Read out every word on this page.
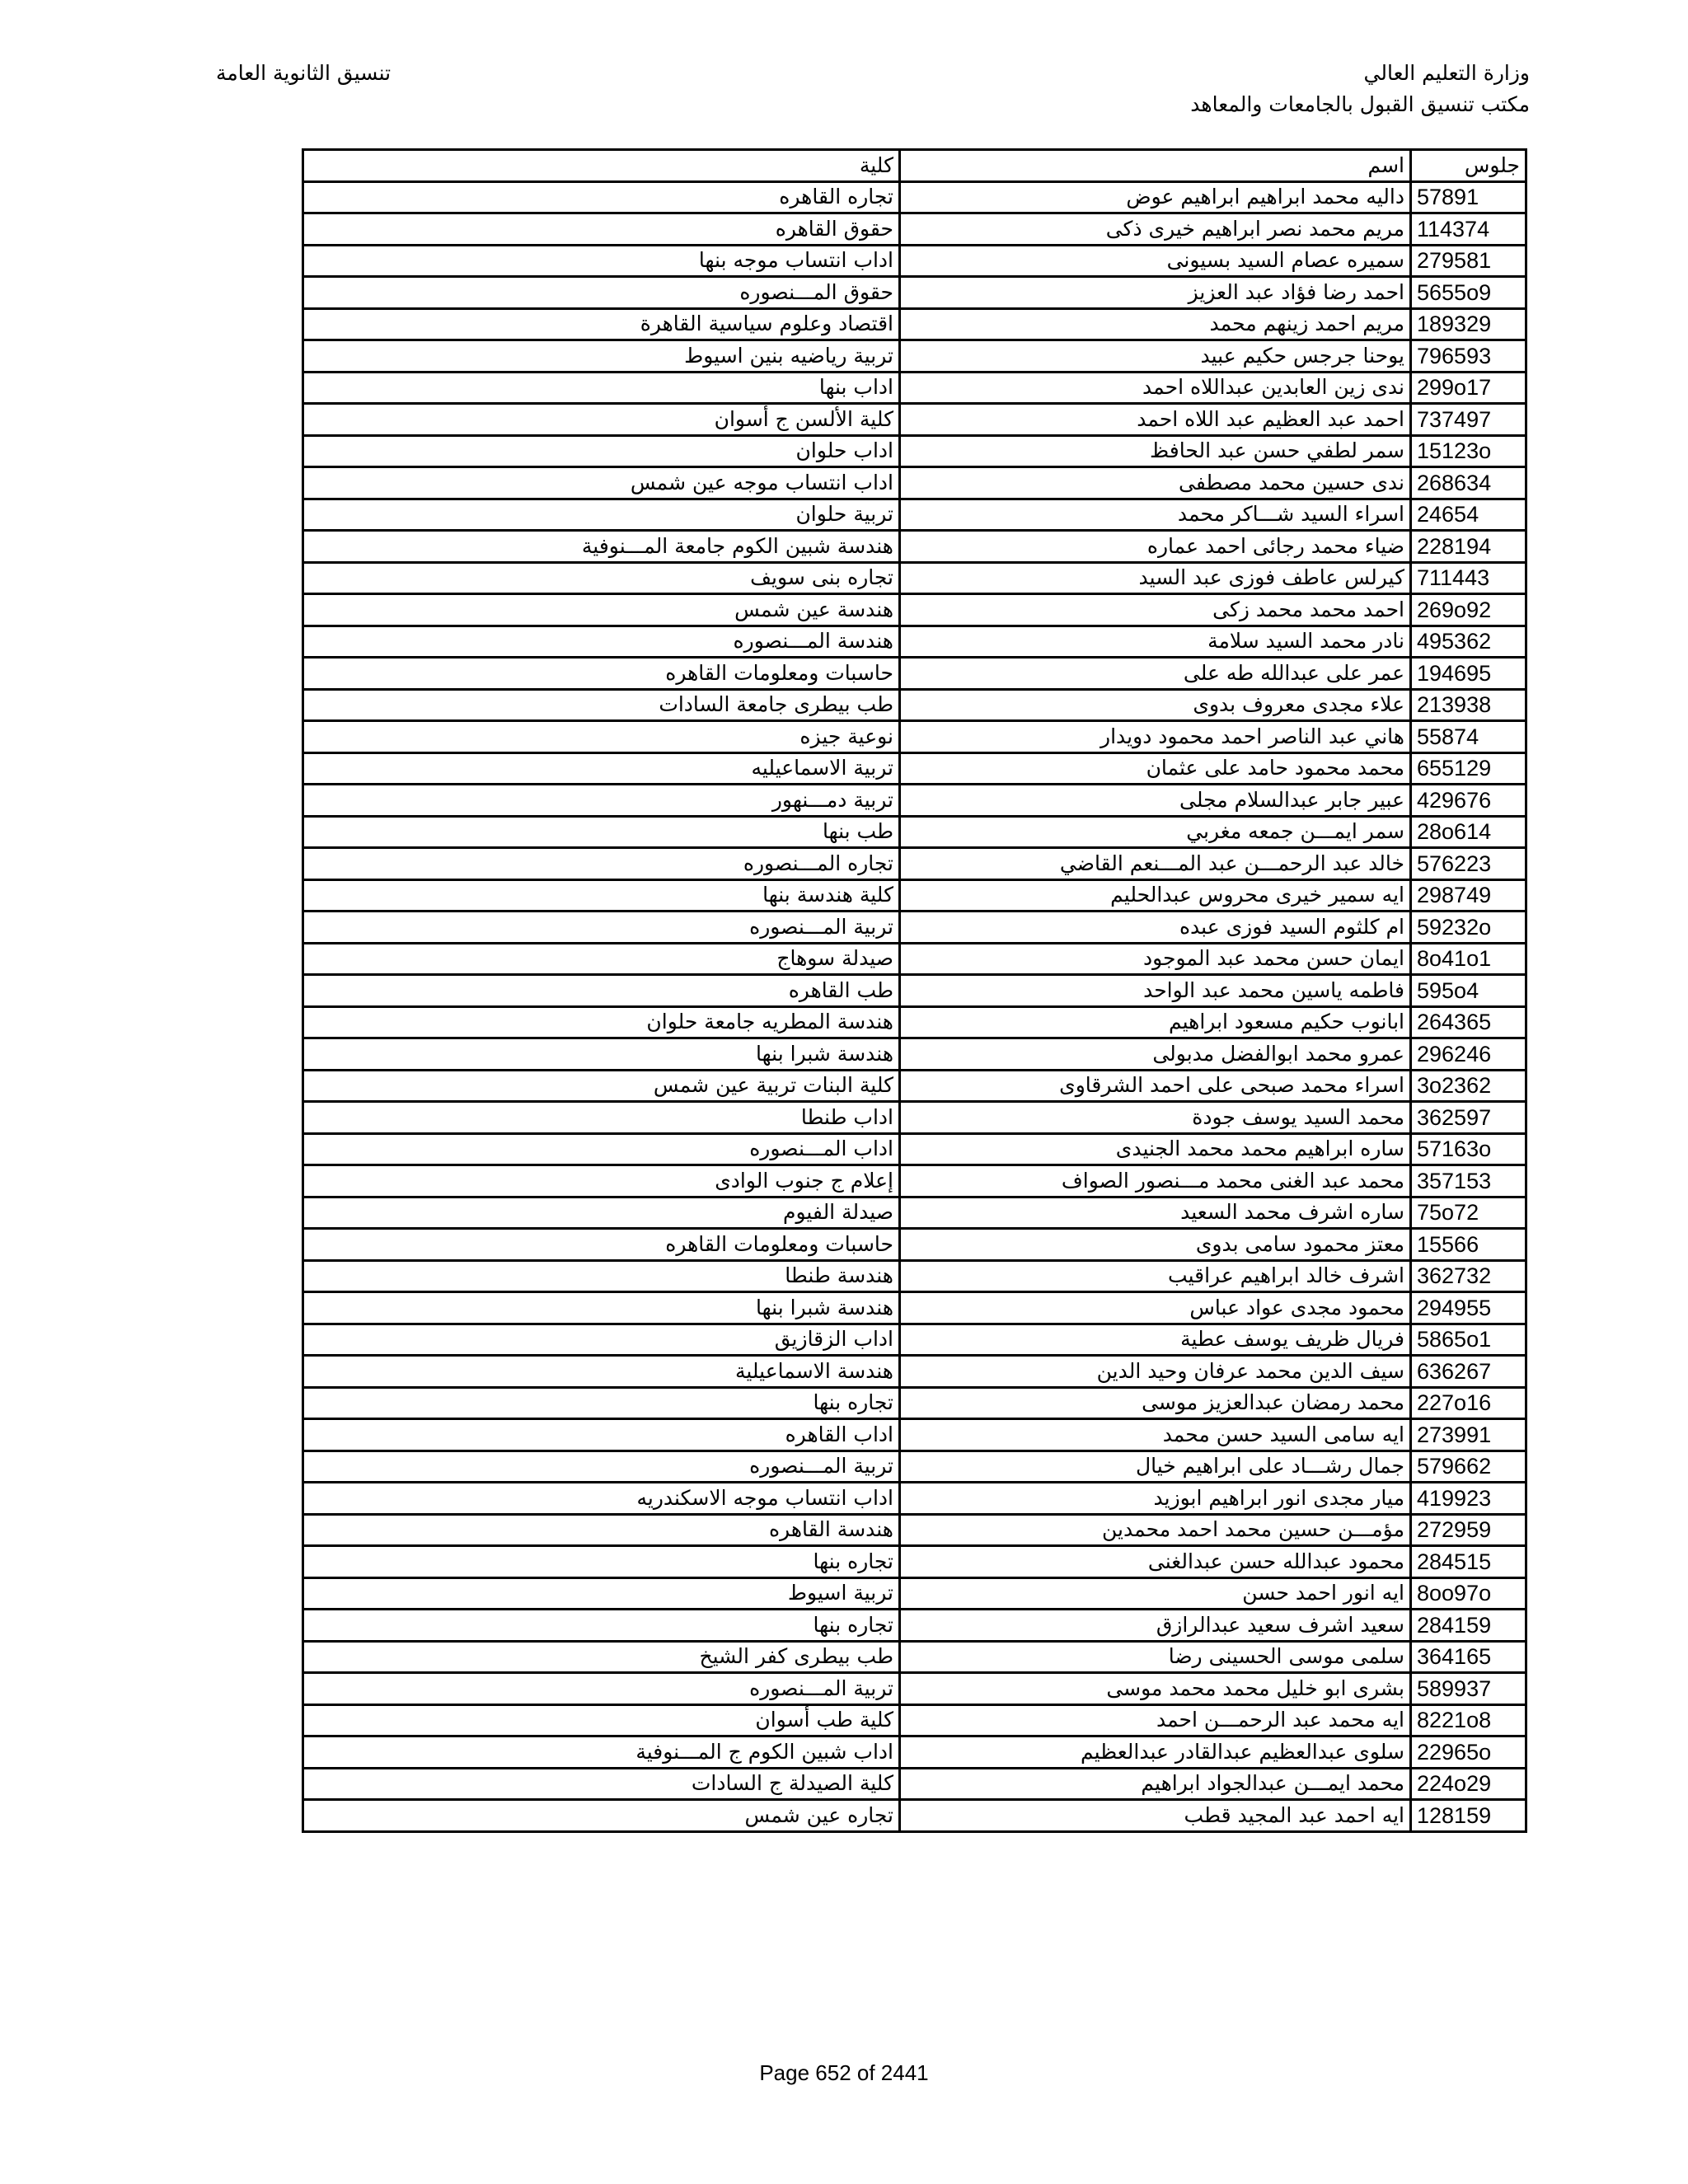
وزارة التعليم العالي
مكتب تنسيق القبول بالجامعات والمعاهد
تنسيق الثانوية العامة
جلوس	اسم	كلية
57891	داليه محمد ابراهيم ابراهيم عوض	تجاره القاهره
114374	مريم محمد نصر ابراهيم خيرى ذكى	حقوق القاهره
279581	سميره عصام السيد بسيونى	اداب انتساب موجه بنها
5655o9	احمد رضا فؤاد عبد العزيز	حقوق المـــنصوره
189329	مريم احمد زينهم محمد	اقتصاد وعلوم سياسية القاهرة
796593	يوحنا جرجس حكيم عبيد	تربية رياضيه بنين اسيوط
299o17	ندى زين العابدين عبداللاه احمد	اداب بنها
737497	احمد عبد العظيم عبد اللاه احمد	كلية الألسن ج أسوان
15123o	سمر لطفي حسن عبد الحافظ	اداب حلوان
268634	ندى حسين محمد مصطفى	اداب انتساب موجه عين شمس
24654	اسراء السيد شـــاكر محمد	تربية حلوان
228194	ضياء محمد رجائى احمد عماره	هندسة شبين الكوم جامعة المـــنوفية
711443	كيرلس عاطف فوزى عبد السيد	تجاره بنى سويف
269o92	احمد محمد محمد زكى	هندسة عين شمس
495362	نادر محمد السيد سلامة	هندسة المـــنصوره
194695	عمر على عبدالله طه على	حاسبات ومعلومات القاهره
213938	علاء مجدى معروف بدوى	طب بيطرى جامعة السادات
55874	هاني عبد الناصر احمد محمود دويدار	نوعية جيزه
655129	محمد محمود حامد على عثمان	تربية الاسماعيليه
429676	عبير جابر عبدالسلام مجلى	تربية دمـــنهور
28o614	سمر ايمـــن جمعه مغربي	طب بنها
576223	خالد عبد الرحمـــن عبد المـــنعم القاضي	تجاره المـــنصوره
298749	ايه سمير خيرى محروس عبدالحليم	كلية هندسة بنها
59232o	ام كلثوم السيد فوزى عبده	تربية المـــنصوره
8o41o1	ايمان حسن محمد عبد الموجود	صيدلة سوهاج
595o4	فاطمه ياسين محمد عبد الواحد	طب القاهره
264365	ابانوب حكيم مسعود ابراهيم	هندسة المطريه جامعة حلوان
296246	عمرو محمد ابوالفضل مدبولى	هندسة شبرا بنها
3o2362	اسراء محمد صبحى على احمد الشرقاوى	كلية البنات تربية عين شمس
362597	محمد السيد يوسف جودة	اداب طنطا
57163o	ساره ابراهيم محمد محمد الجنيدى	اداب المـــنصوره
357153	محمد عبد الغنى محمد مـــنصور الصواف	إعلام ج جنوب الوادى
75o72	ساره اشرف محمد السعيد	صيدلة الفيوم
15566	معتز محمود سامى بدوى	حاسبات ومعلومات القاهره
362732	اشرف خالد ابراهيم عراقيب	هندسة طنطا
294955	محمود مجدى عواد عباس	هندسة شبرا بنها
5865o1	فريال ظريف يوسف عطية	اداب الزقازيق
636267	سيف الدين محمد عرفان وحيد الدين	هندسة الاسماعيلية
227o16	محمد رمضان عبدالعزيز موسى	تجاره بنها
273991	ايه سامى السيد حسن محمد	اداب القاهره
579662	جمال رشـــاد على ابراهيم خيال	تربية المـــنصوره
419923	ميار مجدى انور ابراهيم ابوزيد	اداب انتساب موجه الاسكندريه
272959	مؤمـــن حسين محمد احمد محمدين	هندسة القاهره
284515	محمود عبدالله حسن عبدالغنى	تجاره بنها
8oo97o	ايه انور احمد حسن	تربية اسيوط
284159	سعيد اشرف سعيد عبدالرازق	تجاره بنها
364165	سلمى موسى الحسينى رضا	طب بيطرى كفر الشيخ
589937	بشرى ابو خليل محمد محمد موسى	تربية المـــنصوره
8221o8	ايه محمد عبد الرحمـــن احمد	كلية طب أسوان
22965o	سلوى عبدالعظيم عبدالقادر عبدالعظيم	اداب شبين الكوم ج المـــنوفية
224o29	محمد ايمـــن عبدالجواد ابراهيم	كلية الصيدلة ج السادات
128159	ايه احمد عبد المجيد قطب	تجاره عين شمس
Page 652 of 2441
